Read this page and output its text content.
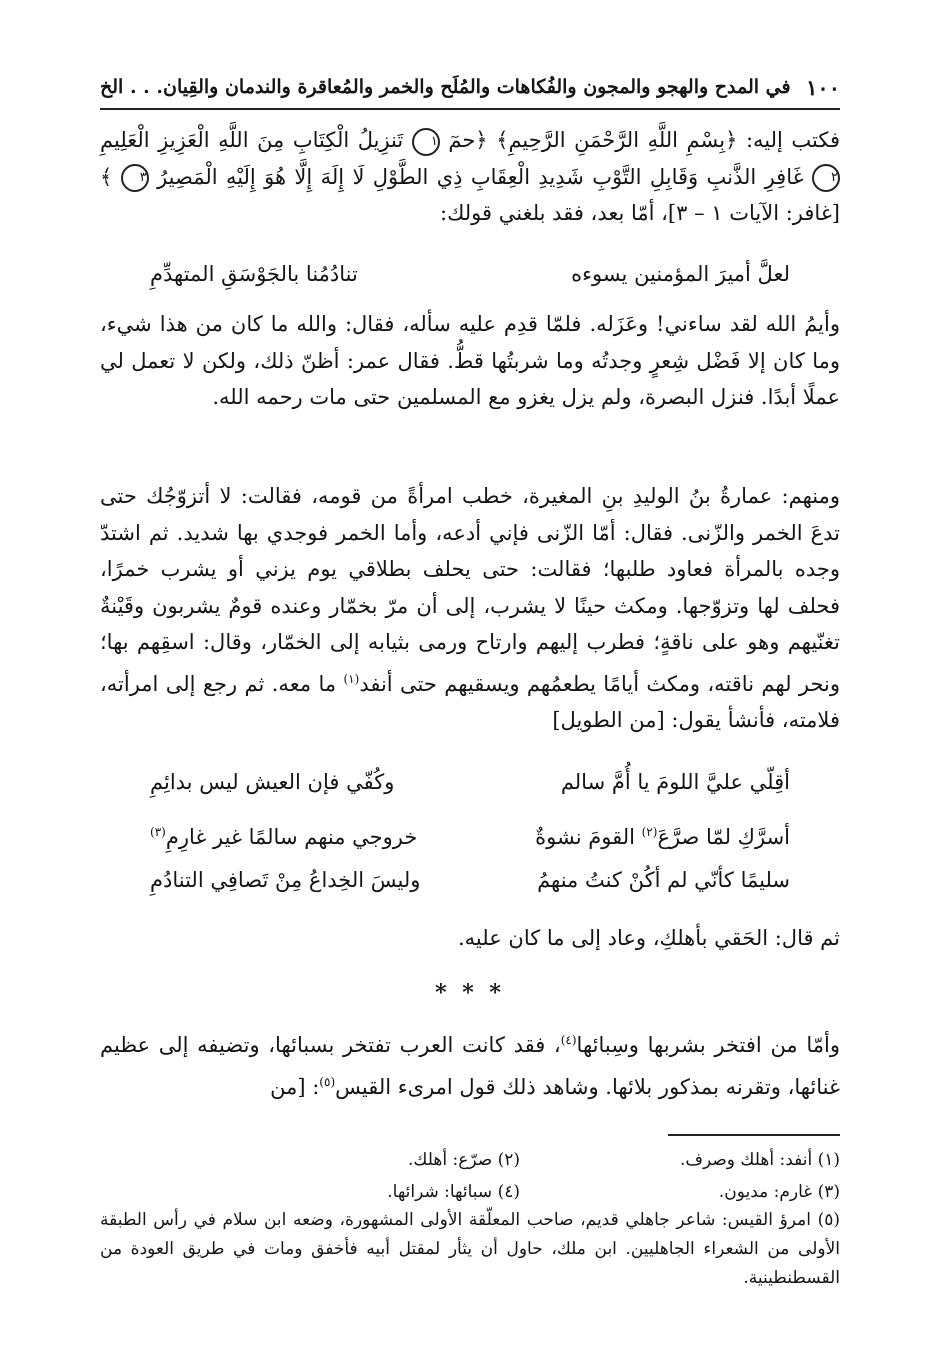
١٠٠
في المدح والهجو والمجون والفُكاهات والمُلَح والخمر والمُعاقرة والندمان والقِيان. . . الخ

فكتب إليه: ﴿بِسْمِ اللَّهِ الرَّحْمَنِ الرَّحِيمِ﴾ ﴿حمٓ ١ تَنزِيلُ الْكِتَابِ مِنَ اللَّهِ الْعَزِيزِ الْعَلِيمِ ٢ غَافِرِ الذَّنبِ وَقَابِلِ التَّوْبِ شَدِيدِ الْعِقَابِ ذِي الطَّوْلِ لَا إِلَهَ إِلَّا هُوَ إِلَيْهِ الْمَصِيرُ ٣ ﴾ [غافر: الآيات ١ – ٣]، أمّا بعد، فقد بلغني قولك:

لعلَّ أميرَ المؤمنين يسوءه
تنادُمُنا بالجَوْسَقِ المتهدِّمِ

وأيمُ الله لقد ساءني! وعَزَله. فلمّا قدِم عليه سأله، فقال: والله ما كان من هذا شيء، وما كان إلا فَضْل شِعرٍ وجدتُه وما شربتُها قطُّ. فقال عمر: أظنّ ذلك، ولكن لا تعمل لي عملًا أبدًا. فنزل البصرة، ولم يزل يغزو مع المسلمين حتى مات رحمه الله.

ومنهم: عمارةُ بنُ الوليدِ بنِ المغيرة، خطب امرأةً من قومه، فقالت: لا أتزوّجُك حتى تدعَ الخمر والزّنى. فقال: أمّا الزّنى فإني أدعه، وأما الخمر فوجدي بها شديد. ثم اشتدّ وجده بالمرأة فعاود طلبها؛ فقالت: حتى يحلف بطلاقي يوم يزني أو يشرب خمرًا، فحلف لها وتزوّجها. ومكث حينًا لا يشرب، إلى أن مرّ بخمّار وعنده قومٌ يشربون وقَيْنةٌ تغنّيهم وهو على ناقةٍ؛ فطرب إليهم وارتاح ورمى بثيابه إلى الخمّار، وقال: اسقِهم بها؛ ونحر لهم ناقته، ومكث أيامًا يطعمُهم ويسقيهم حتى أنفد$^{(١)}$ ما معه. ثم رجع إلى امرأته، فلامته، فأنشأ يقول: [من الطويل]

أقِلّي عليَّ اللومَ يا أُمَّ سالم
وكُفّي فإن العيش ليس بدائِمِ
أسرَّكِ لمّا صرَّعَ$^{(٢)}$ القومَ نشوةٌ
خروجي منهم سالمًا غير غارِمِ$^{(٣)}$
سليمًا كأنّي لم أكُنْ كنتُ منهمُ
وليسَ الخِداعُ مِنْ تَصافِي التنادُمِ

ثم قال: الحَقي بأهلكِ، وعاد إلى ما كان عليه.

* * *

وأمّا من افتخر بشربها وسِبائها$^{(٤)}$، فقد كانت العرب تفتخر بسبائها، وتضيفه إلى عظيم غنائها، وتقرنه بمذكور بلائها. وشاهد ذلك قول امرىء القيس$^{(٥)}$: [من

(١) أنفد: أهلك وصرف.
(٢) صرّع: أهلك.
(٣) غارم: مديون.
(٤) سبائها: شرائها.

(٥) امرؤ القيس: شاعر جاهلي قديم، صاحب المعلّقة الأولى المشهورة، وضعه ابن سلام في رأس الطبقة الأولى من الشعراء الجاهليين. ابن ملك، حاول أن يثأر لمقتل أبيه فأخفق ومات في طريق العودة من القسطنطينية.
